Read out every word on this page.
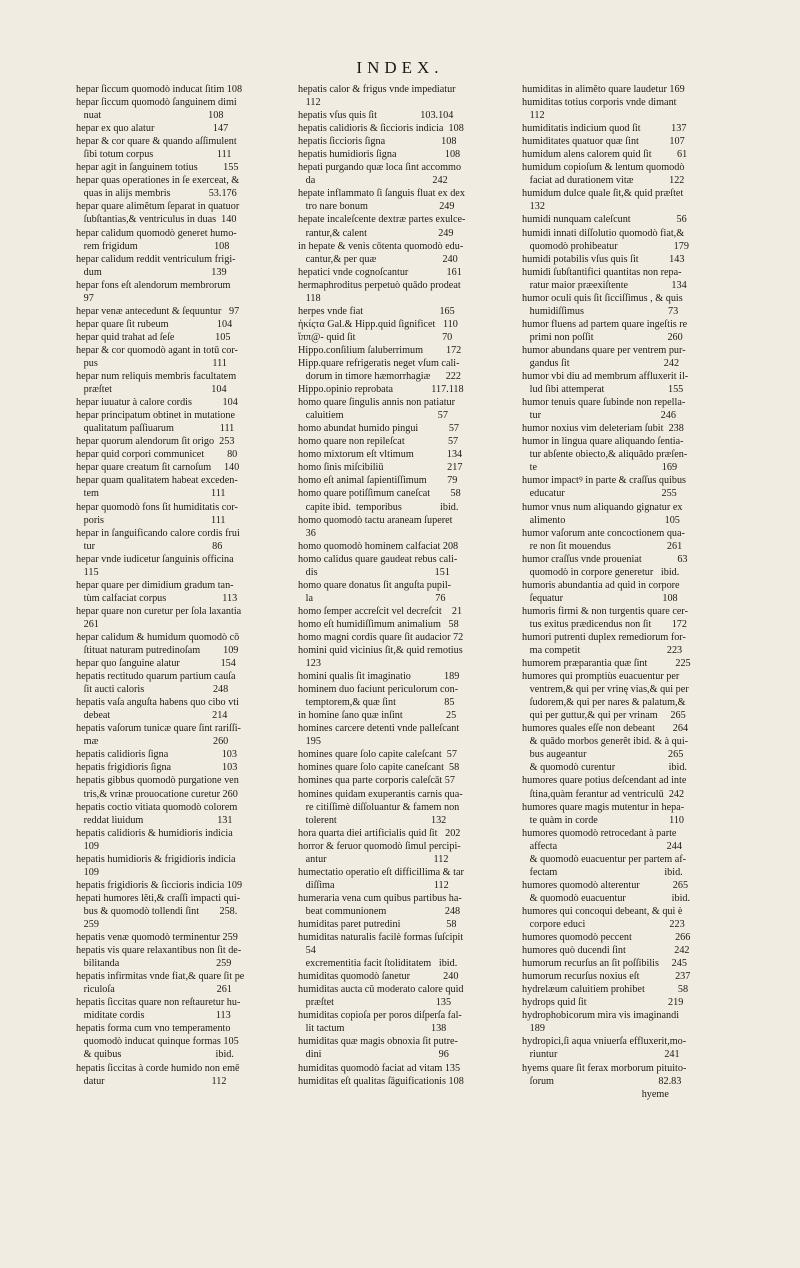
INDEX.
hepar ſiccum quomodò inducat ſitim 108
hepar ſiccum quomodò ſanguinem dimi
nuat                                          108
hepar ex quo alatur                       147
hepar & cor quare & quando aſſimulent
ſibi totum corpus                         111
hepar agit in ſanguinem totius          155
hepar quas operationes in ſe exerceat, &
quas in alijs membris               53.176
hepar quare alimĕtum ſeparat in quatuor
ſubſtantias,& ventriculus in duas  140
hepar calidum quomodò generet humo-
rem frigidum                              108
hepar calidum reddit ventriculum frigi-
dum                                           139
hepar fons eſt alendorum membrorum
97
hepar venæ antecedunt & ſequuntur   97
hepar quare ſit rubeum                   104
hepar quid trahat ad ſeſe                105
hepar & cor quomodò agant in totū cor-
pus                                             111
hepar num reliquis membris facultatem
præſtet                                       104
hepar iuuatur à calore cordis            104
hepar principatum obtinet in mutatione
qualitatum paſſiuarum                  111
hepar quorum alendorum ſit origo  253
hepar quid corpori communicet         80
hepar quare creatum ſit carnoſum     140
hepar quam qualitatem habeat exceden-
tem                                            111
hepar quomodò fons ſit humiditatis cor-
poris                                          111
hepar in ſanguificando calore cordis frui
tur                                              86
hepar vnde iudicetur ſanguinis officina
115
hepar quare per dimidium gradum tan-
tùm calfaciat corpus                      113
hepar quare non curetur per ſola laxantia
261
hepar calidum & humidum quomodò cō
ſtituat naturam putredinoſam         109
hepar quo ſanguine alatur                154
hepatis rectitudo quarum partium cauſa
ſit aucti caloris                           248
hepatis vaſa anguſta habens quo cibo vti
debeat                                        214
hepatis vaſorum tunicæ quare ſint rariſſi-
mæ                                             260
hepatis calidioris ſigna                     103
hepatis frigidioris ſigna                    103
hepatis gibbus quomodò purgatione ven
tris,& vrinæ prouocatione curetur 260
hepatis coctio vitiata quomodò colorem
reddat liuidum                             131
hepatis calidioris & humidioris indicia
109
hepatis humidioris & frigidioris indicia
109
hepatis frigidioris & ſiccioris indicia 109
hepati humores lĕti,& craſſi impacti qui-
bus & quomodò tollendi ſint        258.
259
hepatis venæ quomodò terminentur 259
hepatis vis quare relaxantibus non ſit de-
bilitanda                                      259
hepatis infirmitas vnde fiat,& quare ſit pe
riculoſa                                        261
hepatis ſiccitas quare non reſtauretur hu-
miditate cordis                            113
hepatis forma cum vno temperamento
quomodò inducat quinque formas 105
& quibus                                     ibid.
hepatis ſiccitas à corde humido non emē
datur                                          112
hepatis calor & frigus vnde impediatur
112
hepatis vſus quis ſit                 103.104
hepatis calidioris & ſiccioris indicia  108
hepatis ſiccioris ſigna                      108
hepatis humidioris ſigna                   108
hepati purgando quæ loca ſint accommo
da                                              242
hepate inflammato ſi ſanguis fluat ex dex
tro nare bonum                            249
hepate incaleſcente dextræ partes exulce-
rantur,& calent                            249
in hepate & venis cōtenta quomodò edu-
cantur,& per quæ                          240
hepatici vnde cognoſcantur               161
hermaphroditus perpetuò quādo prodeat
118
herpes vnde fiat                              165
ἡκίςτα Gal.& Hipp.quid ſignificet   110
ἵππ@- quid ſit                                  70
Hippo.conſilium ſaluberrimum         172
Hipp.quare refrigeratis neget vſum cali-
dorum in timore hæmorrhagiæ      222
Hippo.opinio reprobata               117.118
homo quare ſingulis annis non patiatur
caluitiem                                     57
homo abundat humido pingui            57
homo quare non repileſcat                 57
homo mixtorum eſt vltimum             134
homo ſinis miſcibiliū                         217
homo eſt animal ſapientiſſimum        79
homo quare potiſſimum caneſcat        58
capite ibid.  temporibus               ibid.
homo quomodò tactu araneam ſuperet
36
homo quomodò hominem calfaciat 208
homo calidus quare gaudeat rebus cali-
dis                                              151
homo quare donatus ſit anguſta pupil-
la                                                76
homo ſemper accreſcit vel decreſcit    21
homo eſt humidiſſimum animalium   58
homo magni cordis quare ſit audacior 72
homini quid vicinius ſit,& quid remotius
123
homini qualis ſit imaginatio             189
hominem duo faciunt periculorum con-
temptorem,& quæ ſint                   85
in homine ſano quæ inſint                 25
homines carcere detenti vnde palleſcant
195
homines quare ſolo capite caleſcant  57
homines quare ſolo capite caneſcant  58
homines qua parte corporis caleſcāt 57
homines quidam exuperantis carnis qua-
re citiſſimè diſſoluantur & famem non
tolerent                                     132
hora quarta diei artificialis quid ſit   202
horror & feruor quomodò ſimul percipi-
antur                                          112
humectatio operatio eſt difficillima & tar
diſſima                                       112
humeraria vena cum quibus partibus ha-
beat communionem                       248
humiditas paret putredini                  58
humiditas naturalis facilè formas ſuſcipit
54
excrementitia facit ſtoliditatem   ibid.
humiditas quomodò ſanetur             240
humiditas aucta cū moderato calore quid
præſtet                                        135
humiditas copioſa per poros diſperſa fal-
lit tactum                                  138
humiditas quæ magis obnoxia ſit putre-
dini                                              96
humiditas quomodò faciat ad vitam 135
humiditas eſt qualitas ſāguificationis 108
humiditas in alimĕto quare laudetur 169
humiditas totius corporis vnde dimant
112
humiditatis indicium quod ſit            137
humiditates quatuor quæ ſint            107
humidum alens calorem quid ſit          61
humidum copioſum & lentum quomodò
faciat ad durationem vitæ              122
humidum dulce quale ſit,& quid præſtet
132
humidi nunquam caleſcunt                  56
humidi innati diſſolutio quomodò fiat,&
quomodò prohibeatur                      179
humidi potabilis vſus quis ſit            143
humidi ſubſtantifici quantitas non repa-
ratur maior præexiſtente                 134
humor oculi quis ſit ſicciſſimus , & quis
humidiſſimus                                 73
humor fluens ad partem quare ingeſtis re
primi non poſſit                             260
humor abundans quare per ventrem pur-
gandus ſit                                     242
humor vbi diu ad membrum affluxerit il-
lud ſibi attemperat                         155
humor tenuis quare ſubinde non repella-
tur                                               246
humor noxius vim deleteriam ſubit  238
humor in lingua quare aliquando ſentia-
tur abſente obiecto,& aliquādo præſen-
te                                                 169
humor impactꝰ in parte & craſſus quibus
educatur                                      255
humor vnus num aliquando gignatur ex
alimento                                       105
humor vaſorum ante concoctionem qua-
re non ſit mouendus                      261
humor craſſus vnde proueniat              63
quomodò in corpore generetur   ibid.
humoris abundantia ad quid in corpore
ſequatur                                       108
humoris firmi & non turgentis quare cer-
tus exitus prædicendus non ſit        172
humori putrenti duplex remediorum for-
ma competit                                  223
humorem præparantia quæ ſint           225
humores qui promptiùs euacuentur per
ventrem,& qui per vrinę vias,& qui per
ſudorem,& qui per nares & palatum,&
qui per guttur,& qui per vrinam     265
humores quales eſſe non debeant       264
& quādo morbos generĕt ibid. & à qui-
bus augeantur                                265
& quomodò curentur                     ibid.
humores quare potius deſcendant ad inte
ſtina,quàm ferantur ad ventriculū  242
humores quare magis mutentur in hepa-
te quàm in corde                            110
humores quomodò retrocedant à parte
affecta                                           244
& quomodò euacuentur per partem af-
fectam                                          ibid.
humores quomodò alterentur             265
& quomodò euacuentur                  ibid.
humores qui concoqui debeant, & qui è
corpore educi                                 223
humores quomodò peccent                 266
humores quò ducendi ſint                   242
humorum recurſus an ſit poſſibilis     245
humorum recurſus noxius eſt              237
hydrelæum caluitiem prohibet             58
hydrops quid ſit                                219
hydrophobicorum mira vis imaginandi
189
hydropici,ſi aqua vniuerſa effluxerit,mo-
riuntur                                          241
hyems quare ſit ferax morborum pituito-
ſorum                                         82.83
hyeme
